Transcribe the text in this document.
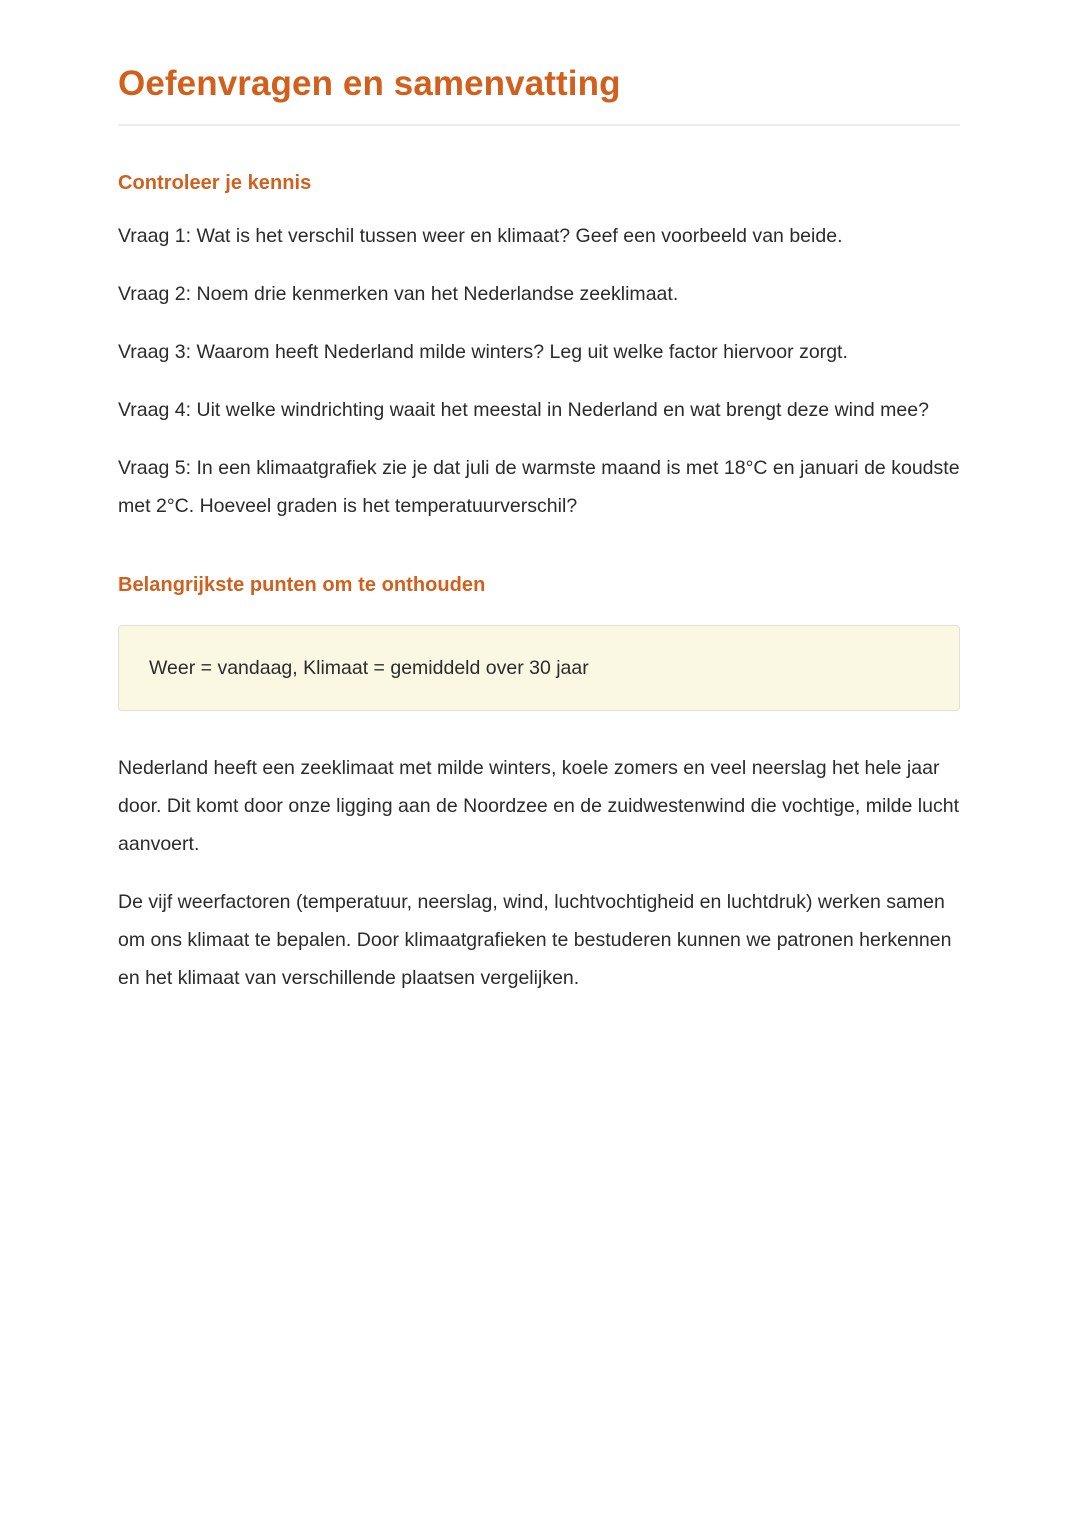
Oefenvragen en samenvatting
Controleer je kennis

Vraag 1: Wat is het verschil tussen weer en klimaat? Geef een voorbeeld van beide.

Vraag 2: Noem drie kenmerken van het Nederlandse zeeklimaat.

Vraag 3: Waarom heeft Nederland milde winters? Leg uit welke factor hiervoor zorgt.

Vraag 4: Uit welke windrichting waait het meestal in Nederland en wat brengt deze wind mee?

Vraag 5: In een klimaatgrafiek zie je dat juli de warmste maand is met 18°C en januari de koudste met 2°C. Hoeveel graden is het temperatuurverschil?

Belangrijkste punten om te onthouden

Weer = vandaag, Klimaat = gemiddeld over 30 jaar

Nederland heeft een zeeklimaat met milde winters, koele zomers en veel neerslag het hele jaar door. Dit komt door onze ligging aan de Noordzee en de zuidwestenwind die vochtige, milde lucht aanvoert.

De vijf weerfactoren (temperatuur, neerslag, wind, luchtvochtigheid en luchtdruk) werken samen om ons klimaat te bepalen. Door klimaatgrafieken te bestuderen kunnen we patronen herkennen en het klimaat van verschillende plaatsen vergelijken.
